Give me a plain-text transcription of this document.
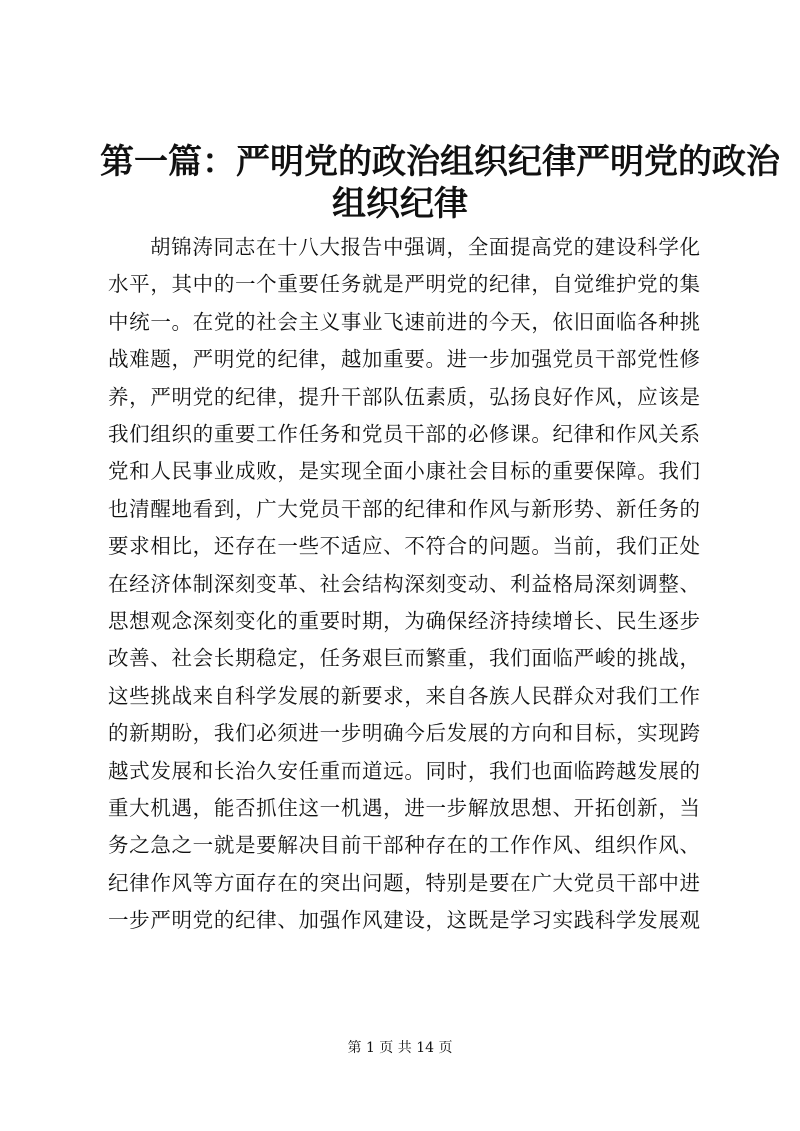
第一篇：严明党的政治组织纪律严明党的政治
组织纪律

胡锦涛同志在十八大报告中强调，全面提高党的建设科学化

水平，其中的一个重要任务就是严明党的纪律，自觉维护党的集

中统一。在党的社会主义事业飞速前进的今天，依旧面临各种挑

战难题，严明党的纪律，越加重要。进一步加强党员干部党性修

养，严明党的纪律，提升干部队伍素质，弘扬良好作风，应该是

我们组织的重要工作任务和党员干部的必修课。纪律和作风关系

党和人民事业成败，是实现全面小康社会目标的重要保障。我们

也清醒地看到，广大党员干部的纪律和作风与新形势、新任务的

要求相比，还存在一些不适应、不符合的问题。当前，我们正处

在经济体制深刻变革、社会结构深刻变动、利益格局深刻调整、

思想观念深刻变化的重要时期，为确保经济持续增长、民生逐步

改善、社会长期稳定，任务艰巨而繁重，我们面临严峻的挑战，

这些挑战来自科学发展的新要求，来自各族人民群众对我们工作

的新期盼，我们必须进一步明确今后发展的方向和目标，实现跨

越式发展和长治久安任重而道远。同时，我们也面临跨越发展的

重大机遇，能否抓住这一机遇，进一步解放思想、开拓创新，当

务之急之一就是要解决目前干部种存在的工作作风、组织作风、

纪律作风等方面存在的突出问题，特别是要在广大党员干部中进

一步严明党的纪律、加强作风建设，这既是学习实践科学发展观

第 1 页 共 14 页
